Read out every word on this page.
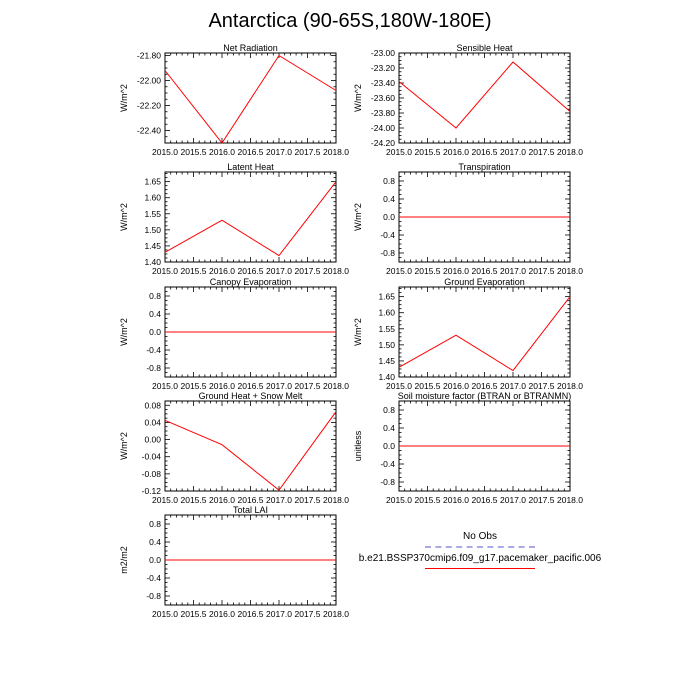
Antarctica (90-65S,180W-180E)
Net Radiation
2015.0 2015.5 2016.0 2016.5 2017.0 2017.5 2018.0
-21.80
-22.00
-22.20
-22.40
W/m^2
Sensible Heat
2015.0 2015.5 2016.0 2016.5 2017.0 2017.5 2018.0
-23.00
-23.20
-23.40
-23.60
-23.80
-24.00
-24.20
W/m^2
Latent Heat
2015.0 2015.5 2016.0 2016.5 2017.0 2017.5 2018.0
1.65
1.60
1.55
1.50
1.45
1.40
W/m^2
Transpiration
2015.0 2015.5 2016.0 2016.5 2017.0 2017.5 2018.0
0.8
0.4
0.0
-0.4
-0.8
W/m^2
Canopy Evaporation
2015.0 2015.5 2016.0 2016.5 2017.0 2017.5 2018.0
0.8
0.4
0.0
-0.4
-0.8
W/m^2
Ground Evaporation
2015.0 2015.5 2016.0 2016.5 2017.0 2017.5 2018.0
1.65
1.60
1.55
1.50
1.45
1.40
W/m^2
Ground Heat + Snow Melt
2015.0 2015.5 2016.0 2016.5 2017.0 2017.5 2018.0
0.08
0.04
0.00
-0.04
-0.08
-0.12
W/m^2
Soil moisture factor (BTRAN or BTRANMN)
2015.0 2015.5 2016.0 2016.5 2017.0 2017.5 2018.0
0.8
0.4
0.0
-0.4
-0.8
unitless
Total LAI
2015.0 2015.5 2016.0 2016.5 2017.0 2017.5 2018.0
0.8
0.4
0.0
-0.4
-0.8
m2/m2
No Obs
b.e21.BSSP370cmip6.f09_g17.pacemaker_pacific.006
